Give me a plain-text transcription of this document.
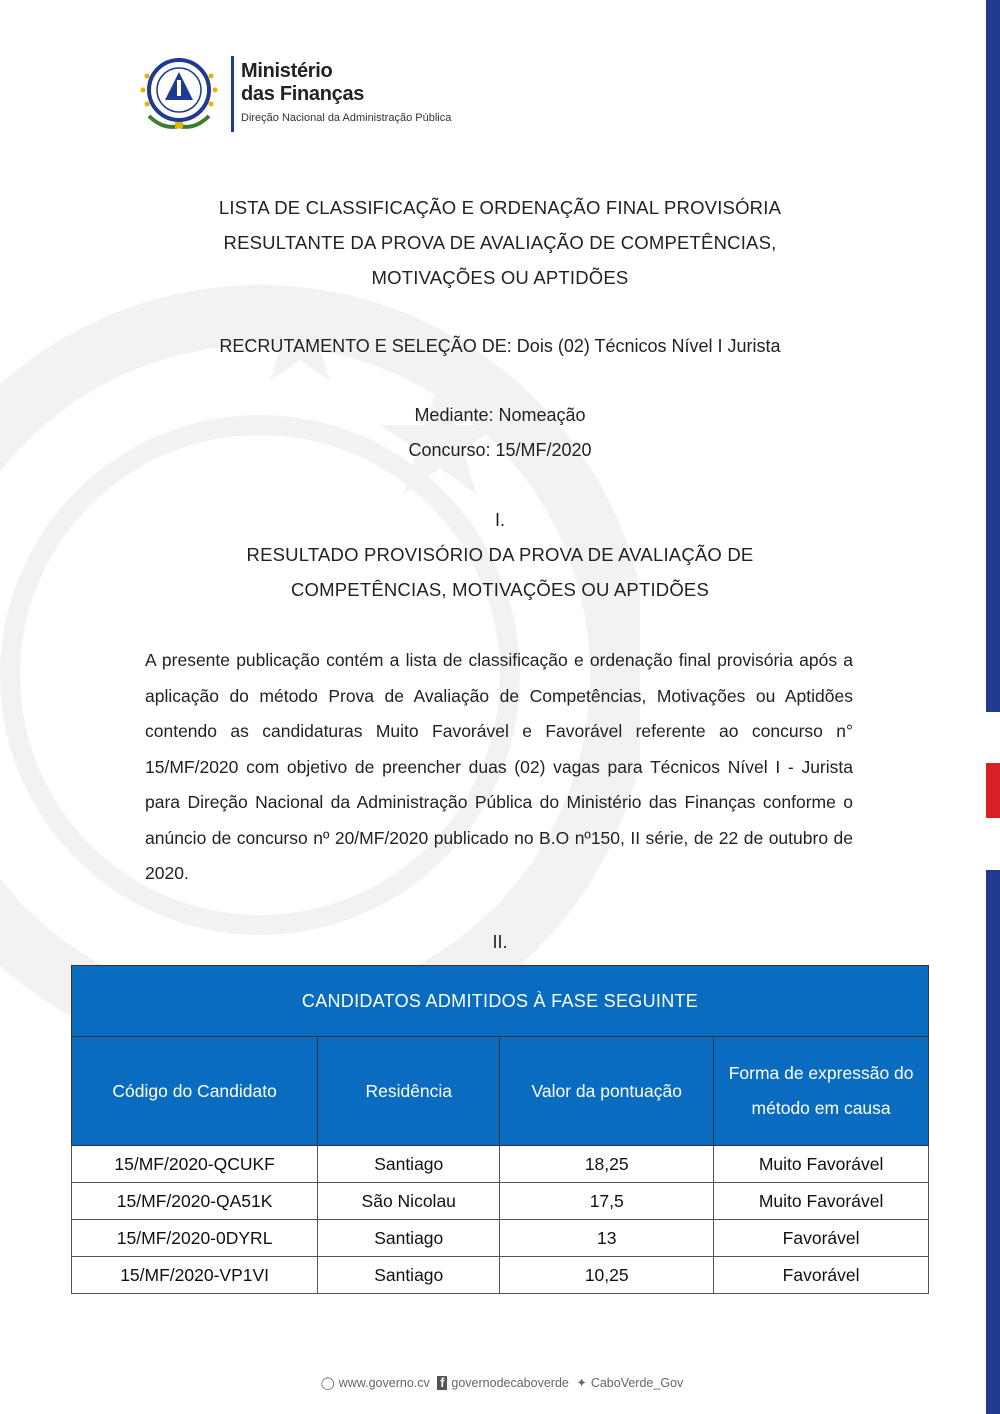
Ministério
das Finanças
Direção Nacional da Administração Pública
LISTA DE CLASSIFICAÇÃO E ORDENAÇÃO FINAL PROVISÓRIA
RESULTANTE DA PROVA DE AVALIAÇÃO DE COMPETÊNCIAS,
MOTIVAÇÕES OU APTIDÕES
RECRUTAMENTO E SELEÇÃO DE: Dois (02) Técnicos Nível I Jurista
Mediante: Nomeação
Concurso: 15/MF/2020
I.
RESULTADO PROVISÓRIO DA PROVA DE AVALIAÇÃO DE
COMPETÊNCIAS, MOTIVAÇÕES OU APTIDÕES
A presente publicação contém a lista de classificação e ordenação final provisória após a aplicação do método Prova de Avaliação de Competências, Motivações ou Aptidões contendo as candidaturas Muito Favorável e Favorável referente ao concurso n° 15/MF/2020 com objetivo de preencher duas (02) vagas para Técnicos Nível I - Jurista para Direção Nacional da Administração Pública do Ministério das Finanças conforme o anúncio de concurso nº 20/MF/2020 publicado no B.O nº150, II série, de 22 de outubro de 2020.
II.
CANDIDATOS ADMITIDOS À FASE SEGUINTE			
Código do Candidato	Residência	Valor da pontuação	Forma de expressão do método em causa
15/MF/2020-QCUKF	Santiago	18,25	Muito Favorável
15/MF/2020-QA51K	São Nicolau	17,5	Muito Favorável
15/MF/2020-0DYRL	Santiago	13	Favorável
15/MF/2020-VP1VI	Santiago	10,25	Favorável
◯ www.governo.cv f governodecaboverde ✦ CaboVerde_Gov
